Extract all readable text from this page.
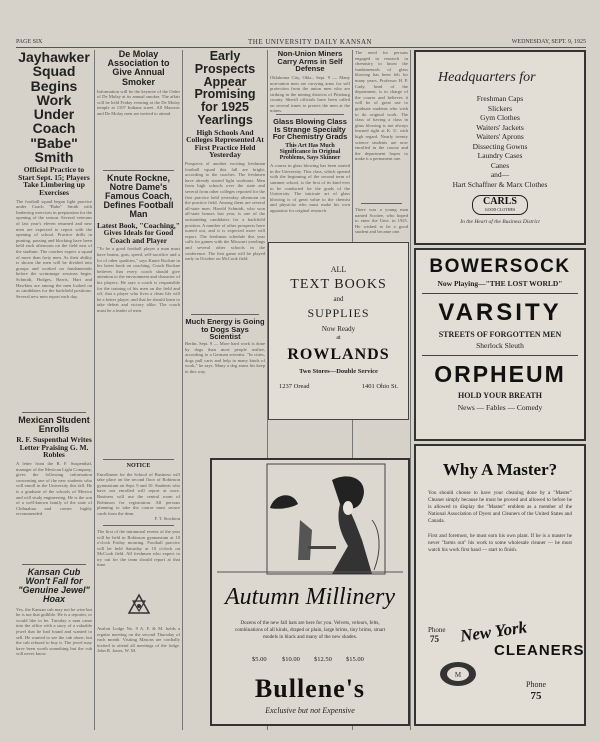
PAGE SIX	THE UNIVERSITY DAILY KANSAN	WEDNESDAY, SEPT. 9, 1925
Jayhawker Squad Begins Work Under Coach "Babe" Smith
Official Practice to Start Sept. 15; Players Take Limbering up Exercises

The football squad began light practice under Coach "Babe" Smith with limbering exercises in preparation for the opening of the season. Several veterans of last year's eleven returned and new men are expected to report with the opening of school. Practice drills in punting, passing and blocking have been held each afternoon on the field east of the stadium. The coaches expect a squad of more than forty men. As their ability is shown the men will be divided into groups and worked on fundamentals before the scrimmage sessions begin. Schmidt, Hodges, Harris, Hart and Hawkins are among the men looked on as candidates for the backfield positions. Several new men report each day.

Mexican Student Enrolls
R. F. Suspenthal Writes Letter Praising G. M. Robles

A letter from the R. F. Suspenthal, manager of the Mexican Light Company, gives the following information concerning one of the new students who will enroll in the University this fall. He is a graduate of the schools of Mexico and will study engineering. He is the son of a well-known family of the state of Chihuahua and comes highly recommended.

Kansan Cub Won't Fall for "Genuine Jewel" Hoax

Yes, the Kansan cub may not be wise but he is not that gullible. He is a reporter, or would like to be. Tuesday a man came into the office with a story of a valuable jewel that he had found and wanted to sell. He wanted to see the cub alone, but the cub refused to buy it. The jewel may have been worth something but the cub will never know.

De Molay Association to Give Annual Smoker

Information will be the keynote of the Order of De Molay at its annual smoker. The affair will be held Friday evening at the De Molay temple at 1107 Indiana street. All Masonic and De Molay men are invited to attend.

Knute Rockne, Notre Dame's Famous Coach, Defines Football Man
Latest Book, "Coaching," Gives Ideals for Good Coach and Player

"To be a good football player a man must have brains, guts, speed, self-sacrifice and a lot of other qualities," says Knute Rockne in his latest book on coaching. Coach Rockne believes that every coach should give attention to the environment and character of his players. He says a coach is responsible for the training of his men on the field and off, that a player who lives a clean life will be a better player, and that he should learn to take defeat and victory alike. The coach must be a leader of men.

NOTICE

Enrollment for the School of Business will take place on the second floor of Robinson gymnasium on Sept. 9 and 10. Students who have not enrolled will report at once. Business will use the central room of Robinson for registration. All persons planning to take the course must secure cards from the dean.

F. T. Stockton

The first of the intramural events of the year will be held in Robinson gymnasium at 10 o'clock Friday morning. Football practice will be held Saturday at 10 o'clock on McCook field. All freshmen who expect to try out for the team should report at that time.

Avalon Lodge No. 9 A. F. & M. holds a regular meeting on the second Thursday of each month. Visiting Masons are cordially invited to attend all meetings of the lodge. John R. Jones, W. M.

Early Prospects Appear Promising for 1925 Yearlings
High Schools And Colleges Represented At First Practice Held Yesterday

Prospects of another exciting freshman football squad this fall are bright, according to the coaches. The freshmen have already started light workouts. Men from high schools over the state and several from other colleges reported for the first practice held yesterday afternoon on the practice field. Among them are several all-state men. Harold Schmidt, who won all-state honors last year, is one of the outstanding candidates for a backfield position. A number of other prospects have turned out, and it is expected more will report. The freshman schedule this year calls for games with the Missouri yearlings and several other schools in the conference. The first game will be played early in October on McCook field.

Much Energy is Going to Dogs Says Scientist

Berlin, Sept. 9 — More hard work is done by dogs than most people realize, according to a German scientist. "In cities, dogs pull carts and help in many kinds of work," he says. Many a dog earns his keep in this way.

Non-Union Miners Carry Arms in Self Defense

Oklahoma City, Okla., Sept. 9 — Many non-union men are carrying arms for self protection from the union men who are striking in the mining districts of Pittsburg county. Sheriff officials have been called on several times to protect the men at the mines.

Glass Blowing Class Is Strange Specialty For Chemistry Grads
This Art Has Much Significance in Original Problems, Says Skinner

A course in glass blowing has been started in the University. This class, which opened with the beginning of the second term of summer school, is the first of its kind ever to be conducted for the grads of the University. The intricate art of glass blowing is of great value to the chemist and physicist who must make his own apparatus for original research.

The need for persons engaged in research in chemistry to know the fundamentals of glass blowing has been felt for many years. Professor H. P. Cady, head of the department, is in charge of the course and believes it will be of great use to graduate students who wish to do original work. The class of having a class in glass blowing is not always learned right at K. U. with high regard. Nearly twenty science students are now enrolled in the course and the department hopes to make it a permanent one.

There was a young man named Scottee, who hoped to enter the Univ. in 1925. He wished to be a good student and became one.

ALL
TEXT BOOKS
and
SUPPLIES
Now Ready
at
ROWLANDS
Two Stores—Double Service
1237 Oread	1401 Ohio St.
Headquarters for
Freshman Caps
Slickers
Gym Clothes
Waiters' Jackets
Waiters' Aprons
Dissecting Gowns
Laundry Cases
Canes
and—
Hart Schaffner & Marx Clothes
CARLS
GOOD CLOTHES
In the Heart of the Business District
BOWERSOCK
Now Playing—"THE LOST WORLD"
VARSITY
STREETS OF FORGOTTEN MEN
Sherlock Sleuth
ORPHEUM
HOLD YOUR BREATH
News — Fables — Comedy
Why A Master?

You should choose to have your cleaning done by a "Master" Cleaner simply because he must be proved and allowed to before he is allowed to display the "Master" emblem as a member of the National Association of Dyers and Cleaners of the United States and Canada.

First and foremost, he must earn his own plant. If he is a master he never "farms out" his work to some wholesale cleaner — he must watch his work first hand — start to finish.

Phone
75 New York
CLEANERS
M
Phone
75
Autumn Millinery

Dozens of the new fall hats are here for you. Velvets, velours, felts, combinations of all kinds, draped or plain, large brims, tiny brims, smart models in black and many of the new shades.

$5.00 $10.00 $12.50 $15.00
Bullene's
Exclusive but not Expensive
